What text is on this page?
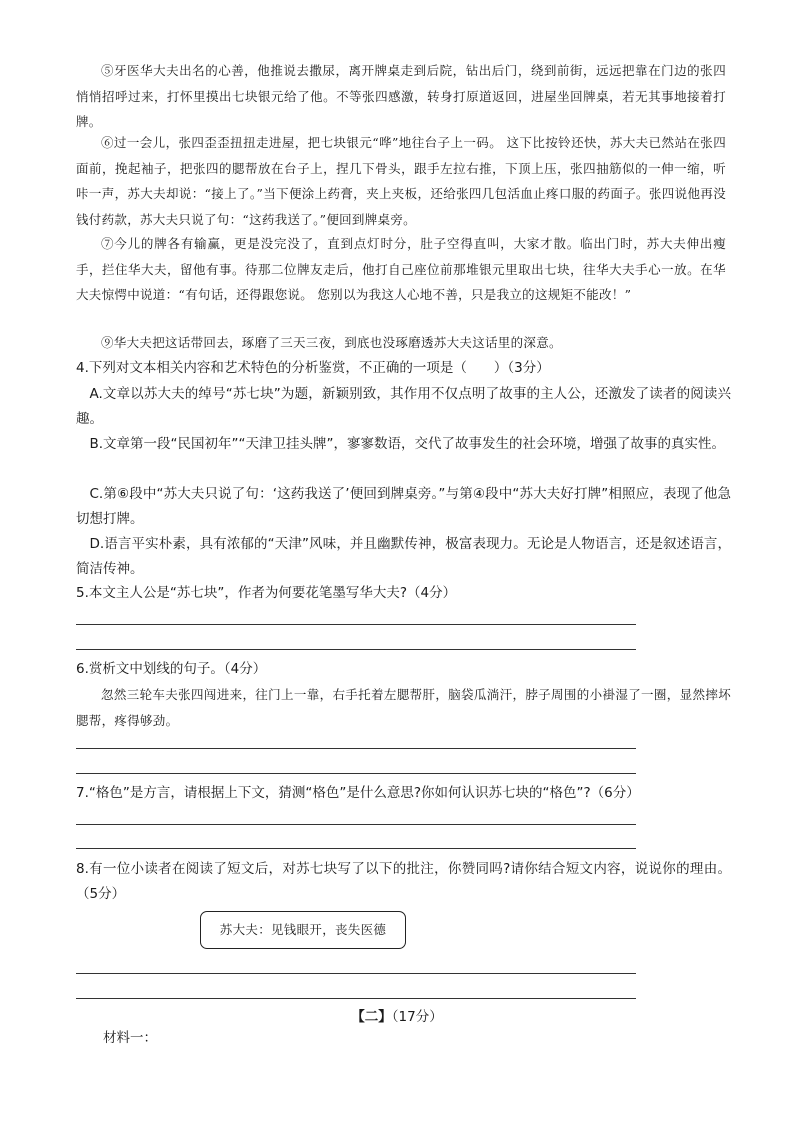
⑤牙医华大夫出名的心善，他推说去撒尿，离开牌桌走到后院，钻出后门，绕到前街，远远把靠在门边的张四悄悄招呼过来，打怀里摸出七块银元给了他。不等张四感激，转身打原道返回，进屋坐回牌桌，若无其事地接着打牌。

⑥过一会儿，张四歪歪扭扭走进屋，把七块银元“哗”地往台子上一码。 这下比按铃还快，苏大夫已然站在张四面前，挽起袖子，把张四的腮帮放在台子上，捏几下骨头，跟手左拉右推，下顶上压，张四抽筋似的一伸一缩，听咔一声，苏大夫却说：“接上了。”当下便涂上药膏，夹上夹板，还给张四几包活血止疼口服的药面子。张四说他再没钱付药款，苏大夫只说了句：“这药我送了。”便回到牌桌旁。

⑦今儿的牌各有输赢，更是没完没了，直到点灯时分，肚子空得直叫，大家才散。临出门时，苏大夫伸出瘦手，拦住华大夫，留他有事。待那二位牌友走后，他打自己座位前那堆银元里取出七块，往华大夫手心一放。在华大夫惊愕中说道：“有句话，还得跟您说。 您别以为我这人心地不善，只是我立的这规矩不能改！”

⑨华大夫把这话带回去，琢磨了三天三夜，到底也没琢磨透苏大夫这话里的深意。

4.下列对文本相关内容和艺术特色的分析鉴赏，不正确的一项是（　　）（3分）

A.文章以苏大夫的绰号“苏七块”为题，新颖别致，其作用不仅点明了故事的主人公，还激发了读者的阅读兴趣。

B.文章第一段“民国初年”“天津卫挂头牌”，寥寥数语，交代了故事发生的社会环境，增强了故事的真实性。

C.第⑥段中“苏大夫只说了句：‘这药我送了’便回到牌桌旁。”与第④段中“苏大夫好打牌”相照应，表现了他急切想打牌。

D.语言平实朴素，具有浓郁的“天津”风味，并且幽默传神，极富表现力。无论是人物语言，还是叙述语言，简洁传神。

5.本文主人公是“苏七块”，作者为何要花笔墨写华大夫?（4分）

6.赏析文中划线的句子。（4分）

忽然三轮车夫张四闯进来，往门上一靠，右手托着左腮帮肝，脑袋瓜淌汗，脖子周围的小褂湿了一圈，显然摔坏腮帮，疼得够劲。

7.“格色”是方言，请根据上下文，猜测“格色”是什么意思?你如何认识苏七块的“格色”?（6分）

8.有一位小读者在阅读了短文后，对苏七块写了以下的批注，你赞同吗?请你结合短文内容，说说你的理由。（5分）

苏大夫：见钱眼开，丧失医德

【二】（17分）

材料一：
